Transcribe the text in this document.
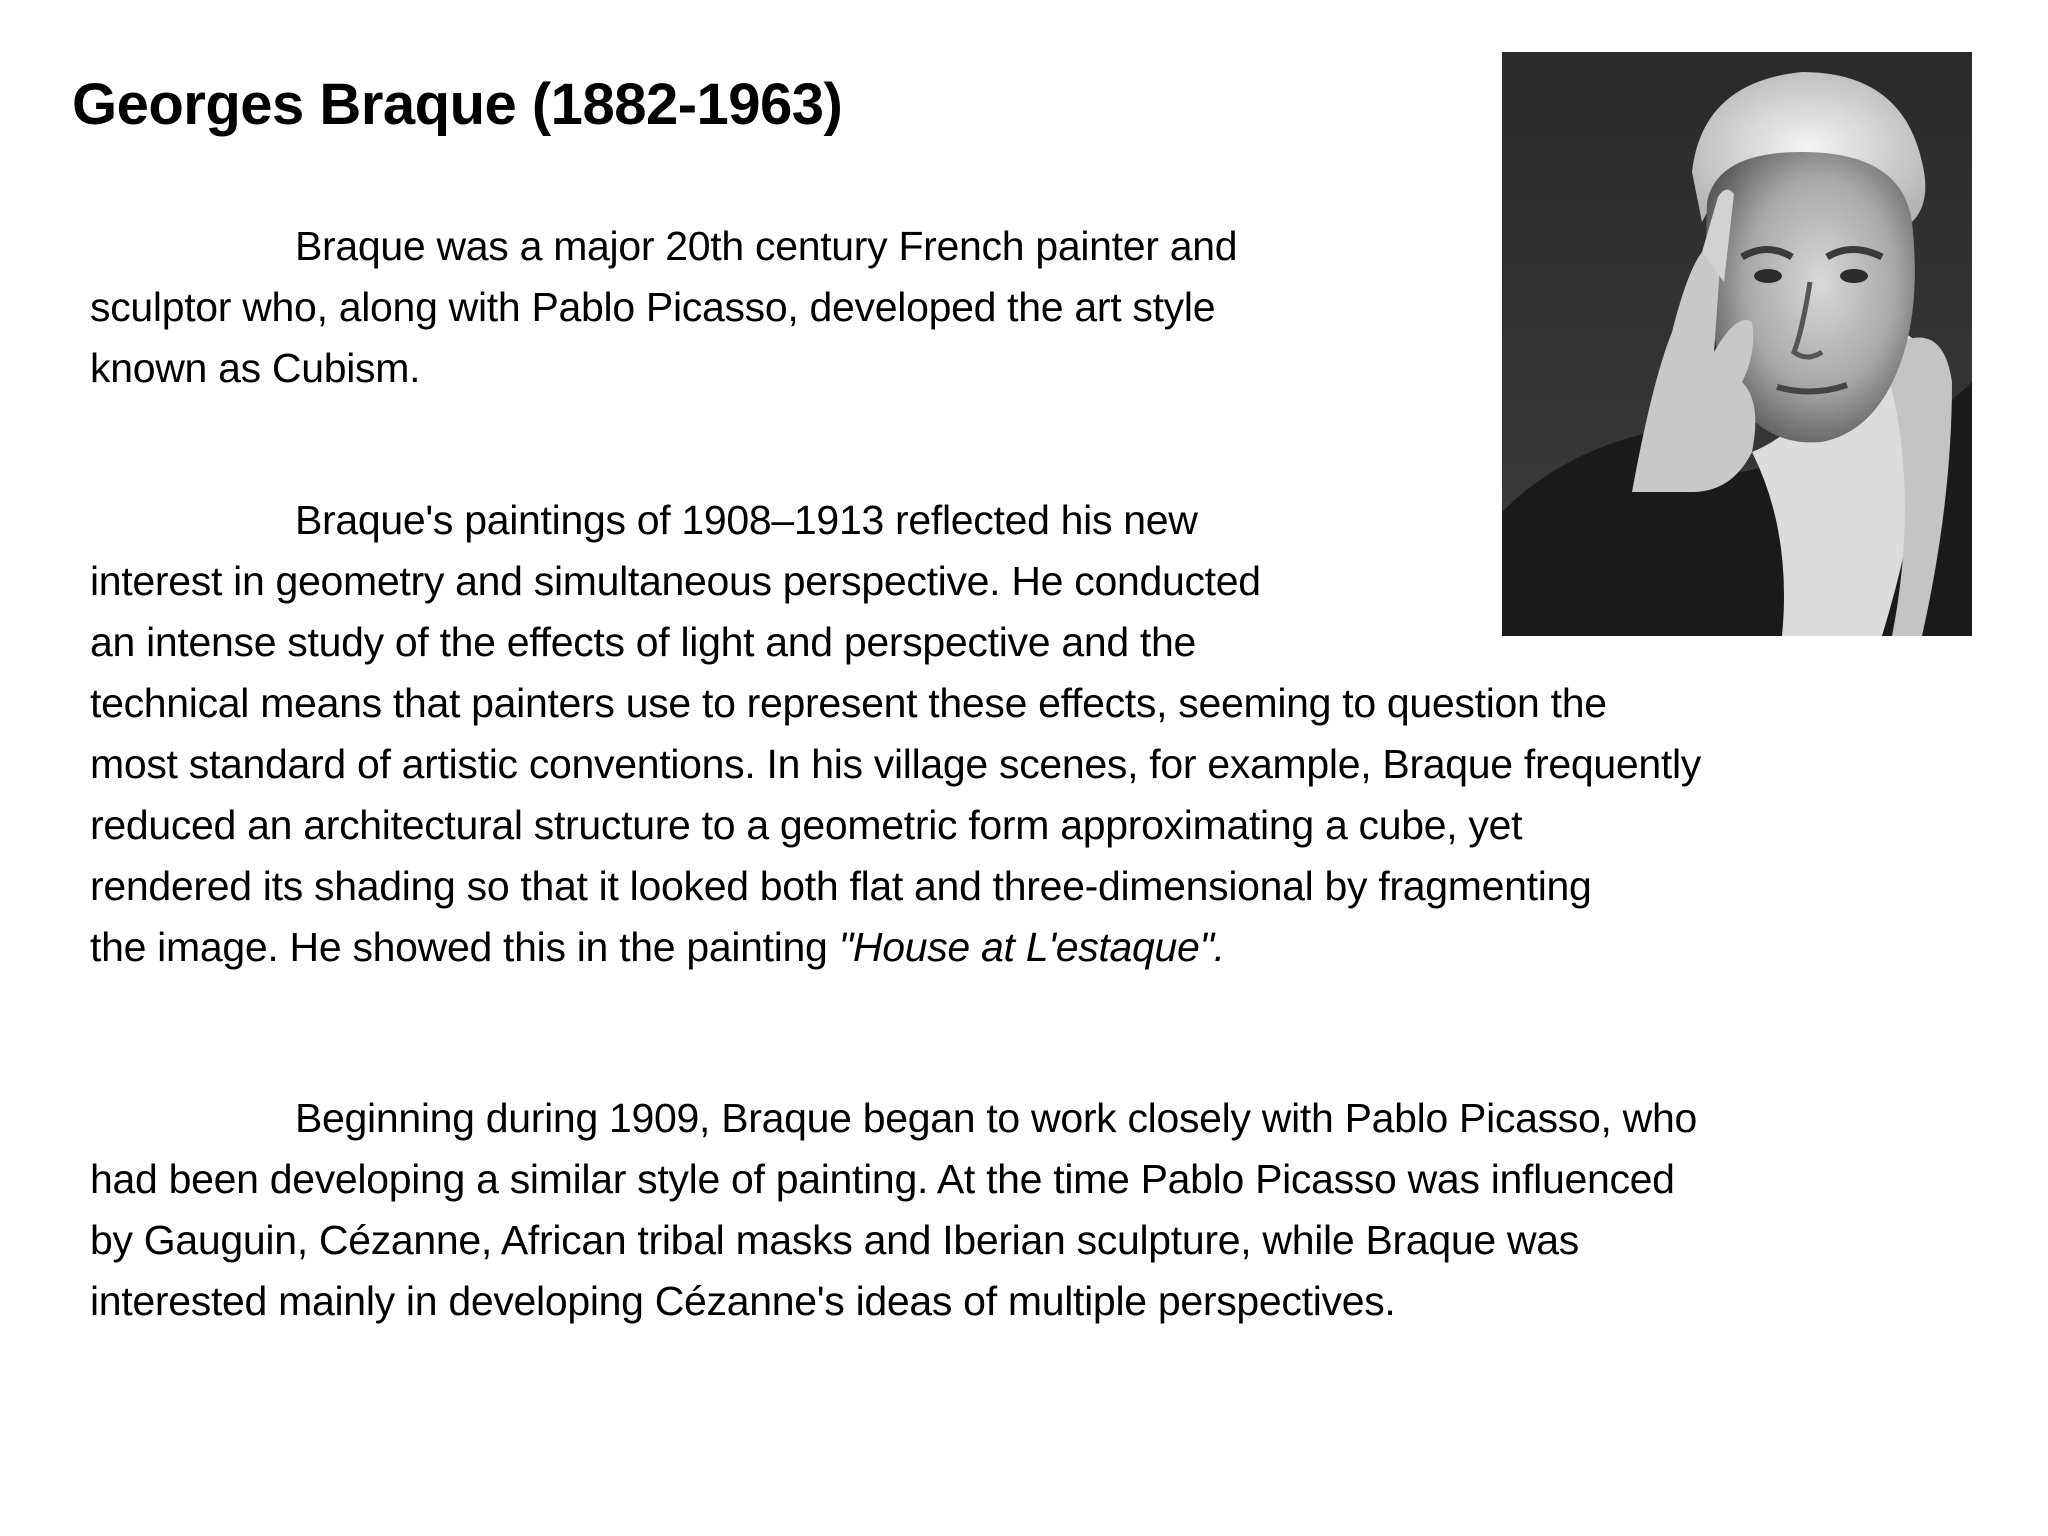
Georges Braque (1882-1963)

Braque was a major 20th century French painter and
sculptor who, along with Pablo Picasso, developed the art style
known as Cubism.

Braque's paintings of 1908–1913 reflected his new
interest in geometry and simultaneous perspective. He conducted
an intense study of the effects of light and perspective and the
technical means that painters use to represent these effects, seeming to question the
most standard of artistic conventions. In his village scenes, for example, Braque frequently
reduced an architectural structure to a geometric form approximating a cube, yet
rendered its shading so that it looked both flat and three-dimensional by fragmenting
the image. He showed this in the painting "House at L'estaque".

Beginning during 1909, Braque began to work closely with Pablo Picasso, who
had been developing a similar style of painting. At the time Pablo Picasso was influenced
by Gauguin, Cézanne, African tribal masks and Iberian sculpture, while Braque was
interested mainly in developing Cézanne's ideas of multiple perspectives.
